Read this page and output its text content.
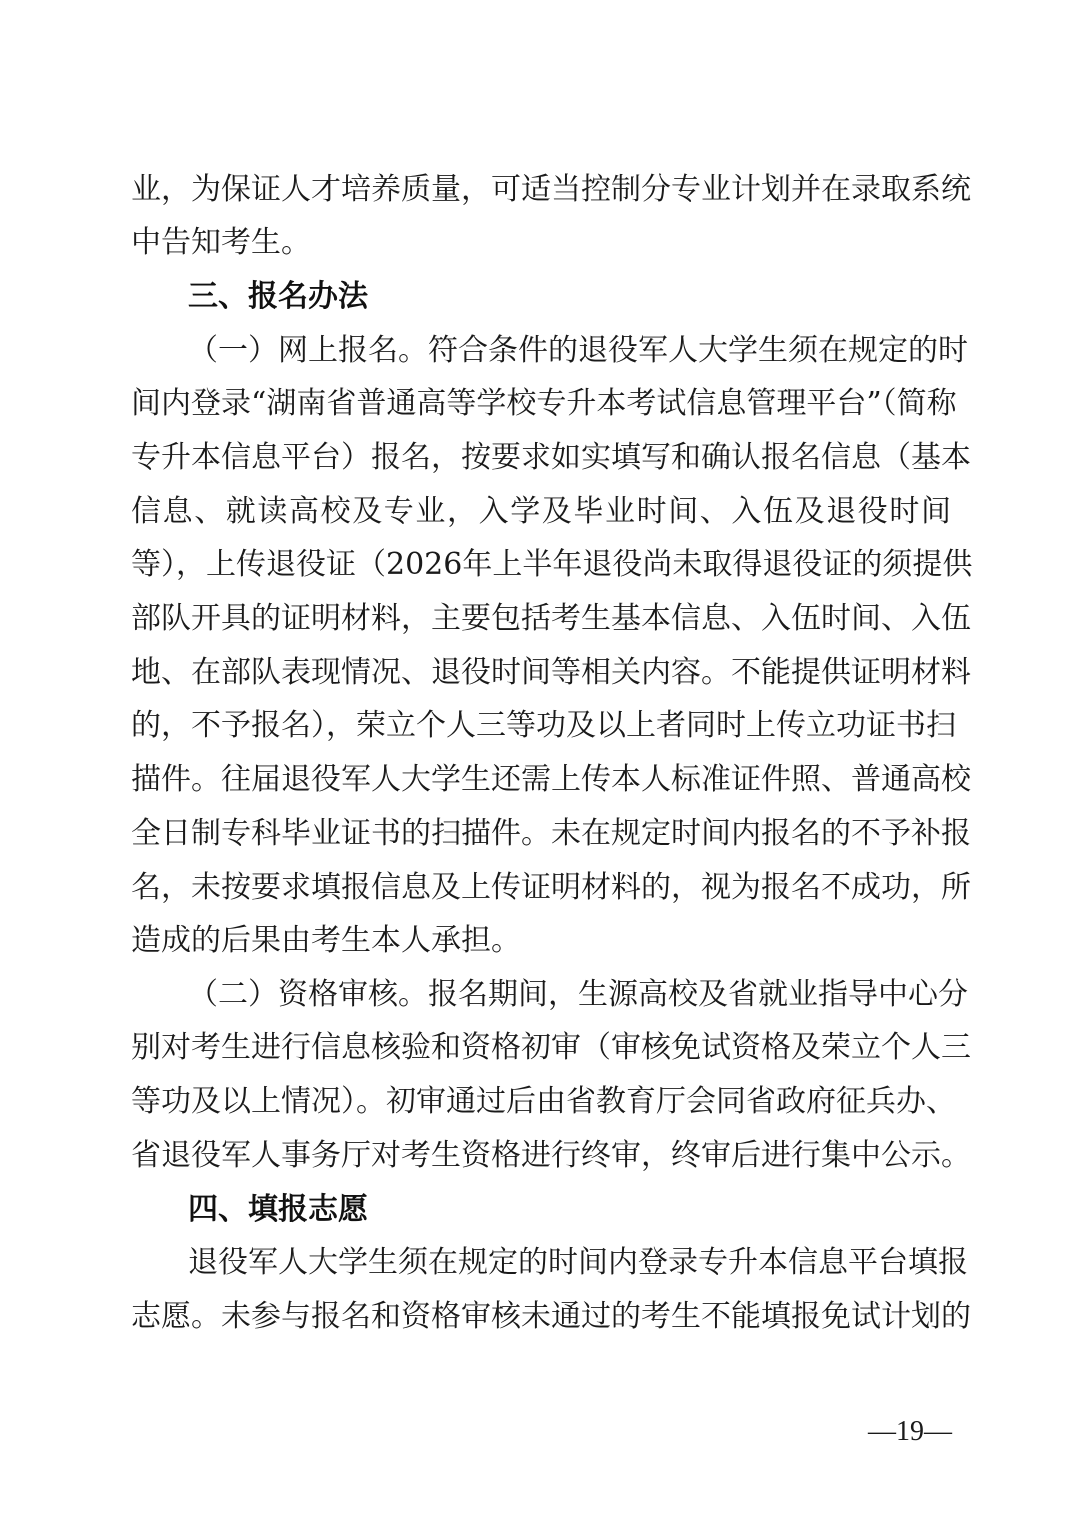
业，为保证人才培养质量，可适当控制分专业计划并在录取系统
中告知考生。
三、报名办法
（一）网上报名。符合条件的退役军人大学生须在规定的时
间内登录“湖南省普通高等学校专升本考试信息管理平台”（简称
专升本信息平台）报名，按要求如实填写和确认报名信息（基本
信息、就读高校及专业，入学及毕业时间、入伍及退役时间
等），上传退役证（2026年上半年退役尚未取得退役证的须提供
部队开具的证明材料，主要包括考生基本信息、入伍时间、入伍
地、在部队表现情况、退役时间等相关内容。不能提供证明材料
的，不予报名），荣立个人三等功及以上者同时上传立功证书扫
描件。往届退役军人大学生还需上传本人标准证件照、普通高校
全日制专科毕业证书的扫描件。未在规定时间内报名的不予补报
名，未按要求填报信息及上传证明材料的，视为报名不成功，所
造成的后果由考生本人承担。
（二）资格审核。报名期间，生源高校及省就业指导中心分
别对考生进行信息核验和资格初审（审核免试资格及荣立个人三
等功及以上情况）。初审通过后由省教育厅会同省政府征兵办、
省退役军人事务厅对考生资格进行终审，终审后进行集中公示。
四、填报志愿
退役军人大学生须在规定的时间内登录专升本信息平台填报
志愿。未参与报名和资格审核未通过的考生不能填报免试计划的
—19—
